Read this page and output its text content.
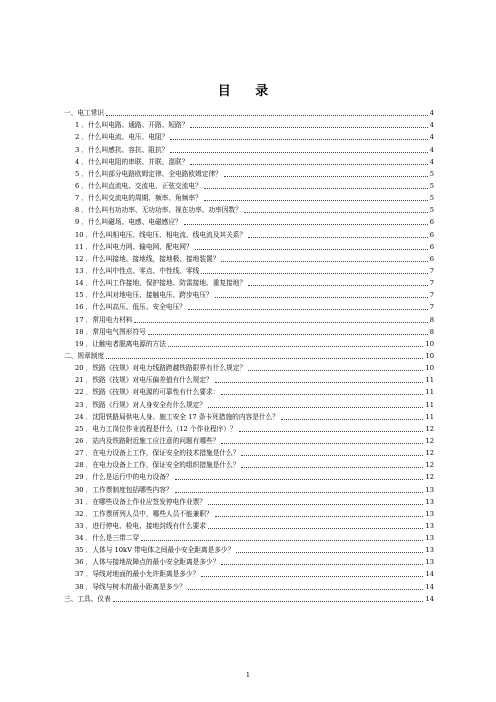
目 录
一、电工常识	4
1 ．什么叫电路、通路、开路、短路？	4
2 ．什么叫电流、电压、电阻？	4
3 ．什么叫感抗、容抗、阻抗？	4
4 ．什么叫电阻的串联、并联、混联？	4
5 ．什么叫部分电路欧姆定律、全电路欧姆定律？	5
6 ．什么叫直流电、交流电、正弦交流电？	5
7 ．什么叫交流电的周期、频率、角频率？	5
8 ．什么叫有功功率、无功功率、视在功率、功率因数？	5
9 ．什么叫磁场、电感、电磁感应？	6
10 ．什么叫相电压、线电压、相电流、线电流及其关系？	6
11 ．什么叫电力网、输电网、配电网？	6
12 ．什么叫接地、接地线，接地极、接地装置？	6
13 ．什么叫中性点、零点、中性线、零线	7
14 ．什么叫工作接地、保护接地、防雷接地、重复接地？	7
15 ．什么叫对地电压、接触电压、跨步电压？	7
16 ．什么叫高压、低压、安全电压？	7
17 ．常用电力材料	8
18 ．常用电气图形符号	8
19 ．让触电者脱离电源的方法	10
二、规章制度	10
20 ．铁路《技规》对电力线路跨越铁路限界有什么规定？	10
21 ．铁路《技规》对电压偏差值有什么规定？	11
22 ．铁路《技规》对电源的可靠性有什么要求：	11
23 ．铁路《行规》对人身安全有什么规定？	11
24 ．沈阳铁路局供电人身、施工安全 17 条卡死措施的内容是什么？	11
25 ．电力工岗位作业流程是什么（12 个作业程序）？	12
26 ．站内及铁路附近施工应注意的问题有哪些？	12
27 ．在电力设备上工作，保证安全的技术措施是什么？	12
28 ．在电力设备上工作，保证安全的组织措施是什么？	12
29 ．什么是运行中的电力设备？	12
30 ．工作票制度包括哪些内容？	13
31 ．在哪些设备上作业应签发停电作业票？	13
32 ．工作票所列人员中，哪些人员不能兼职？	13
33 ．进行停电、检电、接地封线有什么要求	13
34 ．什么是三带二穿	13
35 ．人体与 10kV 带电体之间最小安全距离是多少？	13
36 ．人体与接地故障点的最小安全距离是多少？	13
37 ．导线对地面的最小允许距离是多少？	14
38 ．导线与树木的最小距离是多少？	14
三、工具、仪表	14
1
